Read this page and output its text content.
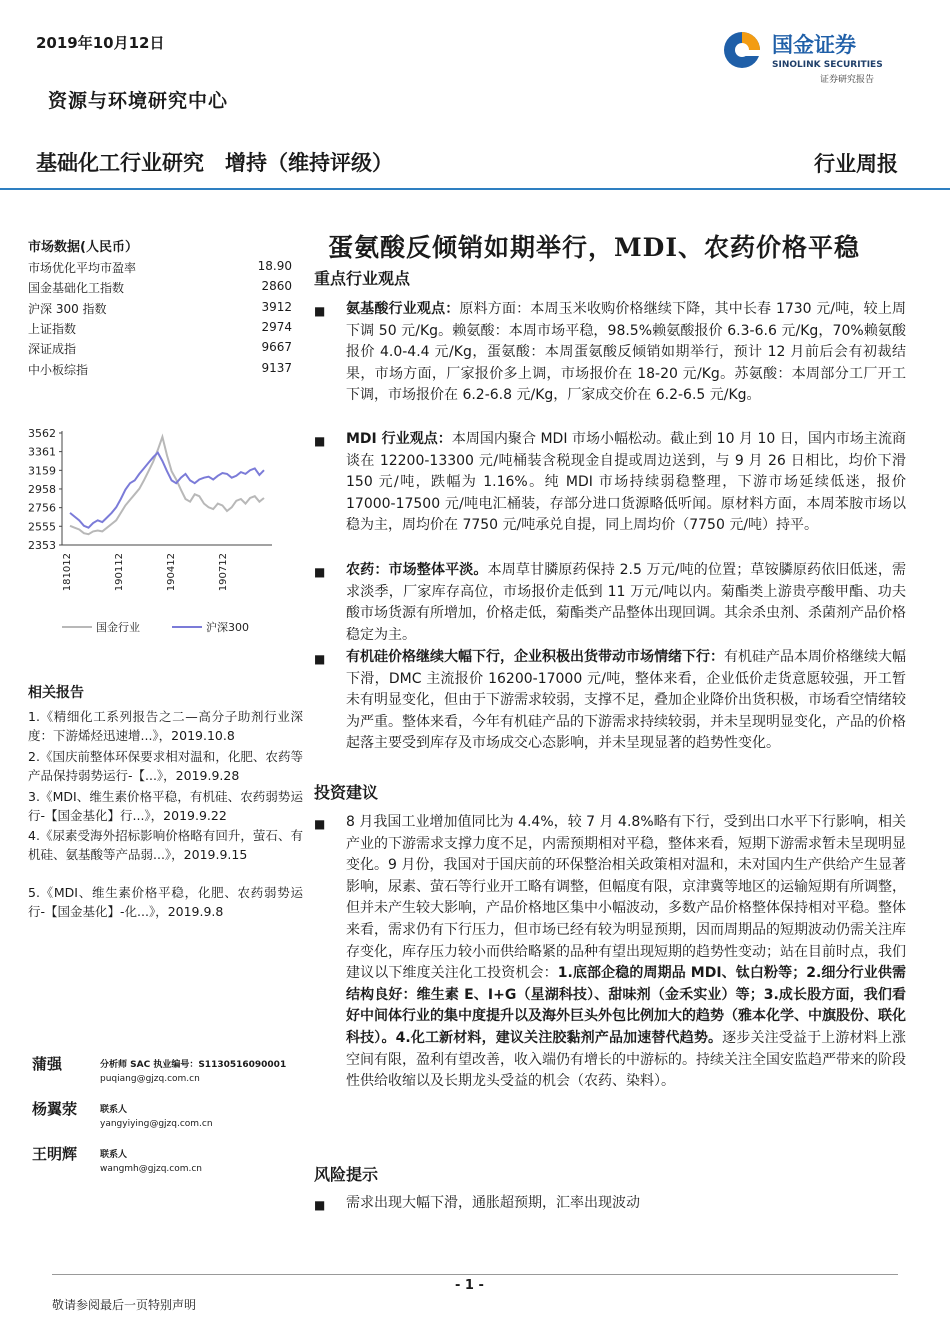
2019年10月12日
资源与环境研究中心
国金证券
SINOLINK SECURITIES
证券研究报告
基础化工行业研究　增持（维持评级）	行业周报
蛋氨酸反倾销如期举行，MDI、农药价格平稳
市场数据(人民币）
市场优化平均市盈率	18.90
国金基础化工指数	2860
沪深 300 指数	3912
上证指数	2974
深证成指	9667
中小板综指	9137
3562
3361
3159
2958
2756
2555
2353
181012	190112	190412	190712
国金行业	沪深300
重点行业观点
■ 氨基酸行业观点：原料方面：本周玉米收购价格继续下降，其中长春 1730 元/吨，较上周下调 50 元/Kg。赖氨酸：本周市场平稳，98.5%赖氨酸报价 6.3-6.6 元/Kg，70%赖氨酸报价 4.0-4.4 元/Kg，蛋氨酸：本周蛋氨酸反倾销如期举行，预计 12 月前后会有初裁结果，市场方面，厂家报价多上调，市场报价在 18-20 元/Kg。苏氨酸：本周部分工厂开工下调，市场报价在 6.2-6.8 元/Kg，厂家成交价在 6.2-6.5 元/Kg。
■ MDI 行业观点：本周国内聚合 MDI 市场小幅松动。截止到 10 月 10 日，国内市场主流商谈在 12200-13300 元/吨桶装含税现金自提或周边送到，与 9 月 26 日相比，均价下滑 150 元/吨，跌幅为 1.16%。纯 MDI 市场持续弱稳整理，下游市场延续低迷，报价 17000-17500 元/吨电汇桶装，存部分进口货源略低听闻。原材料方面，本周苯胺市场以稳为主，周均价在 7750 元/吨承兑自提，同上周均价（7750 元/吨）持平。
■ 农药：市场整体平淡。本周草甘膦原药保持 2.5 万元/吨的位置；草铵膦原药依旧低迷，需求淡季，厂家库存高位，市场报价走低到 11 万元/吨以内。菊酯类上游贵亭酸甲酯、功夫酸市场货源有所增加，价格走低，菊酯类产品整体出现回调。其余杀虫剂、杀菌剂产品价格稳定为主。
■ 有机硅价格继续大幅下行，企业积极出货带动市场情绪下行：有机硅产品本周价格继续大幅下滑，DMC 主流报价 16200-17000 元/吨，整体来看，企业低价走货意愿较强，开工暂未有明显变化，但由于下游需求较弱，支撑不足，叠加企业降价出货积极，市场看空情绪较为严重。整体来看，今年有机硅产品的下游需求持续较弱，并未呈现明显变化，产品的价格起落主要受到库存及市场成交心态影响，并未呈现显著的趋势性变化。
投资建议
■ 8 月我国工业增加值同比为 4.4%，较 7 月 4.8%略有下行，受到出口水平下行影响，相关产业的下游需求支撑力度不足，内需预期相对平稳，整体来看，短期下游需求暂未呈现明显变化。9 月份，我国对于国庆前的环保整治相关政策相对温和，未对国内生产供给产生显著影响，尿素、萤石等行业开工略有调整，但幅度有限，京津冀等地区的运输短期有所调整，但并未产生较大影响，产品价格地区集中小幅波动，多数产品价格整体保持相对平稳。整体来看，需求仍有下行压力，但市场已经有较为明显预期，因而周期品的短期波动仍需关注库存变化，库存压力较小而供给略紧的品种有望出现短期的趋势性变动；站在目前时点，我们建议以下维度关注化工投资机会：1.底部企稳的周期品 MDI、钛白粉等；2.细分行业供需结构良好：维生素 E、I+G（星湖科技）、甜味剂（金禾实业）等；3.成长股方面，我们看好中间体行业的集中度提升以及海外巨头外包比例加大的趋势（雅本化学、中旗股份、联化科技）。4.化工新材料，建议关注胶黏剂产品加速替代趋势。逐步关注受益于上游材料上涨空间有限，盈利有望改善，收入端仍有增长的中游标的。持续关注全国安监趋严带来的阶段性供给收缩以及长期龙头受益的机会（农药、染料）。
风险提示
■ 需求出现大幅下滑，通胀超预期，汇率出现波动
相关报告
1.《精细化工系列报告之二—高分子助剂行业深度：下游烯烃迅速增...》，2019.10.8
2.《国庆前整体环保要求相对温和，化肥、农药等产品保持弱势运行-【...》，2019.9.28
3.《MDI、维生素价格平稳，有机硅、农药弱势运行-【国金基化】行...》，2019.9.22
4.《尿素受海外招标影响价格略有回升，萤石、有机硅、氨基酸等产品弱...》，2019.9.15
5.《MDI、维生素价格平稳，化肥、农药弱势运行-【国金基化】-化...》，2019.9.8
蒲强	分析师 SAC 执业编号：S1130516090001
puqiang@gjzq.com.cn
杨翼荥	联系人
yangyiying@gjzq.com.cn
王明辉	联系人
wangmh@gjzq.com.cn
- 1 -
敬请参阅最后一页特别声明
